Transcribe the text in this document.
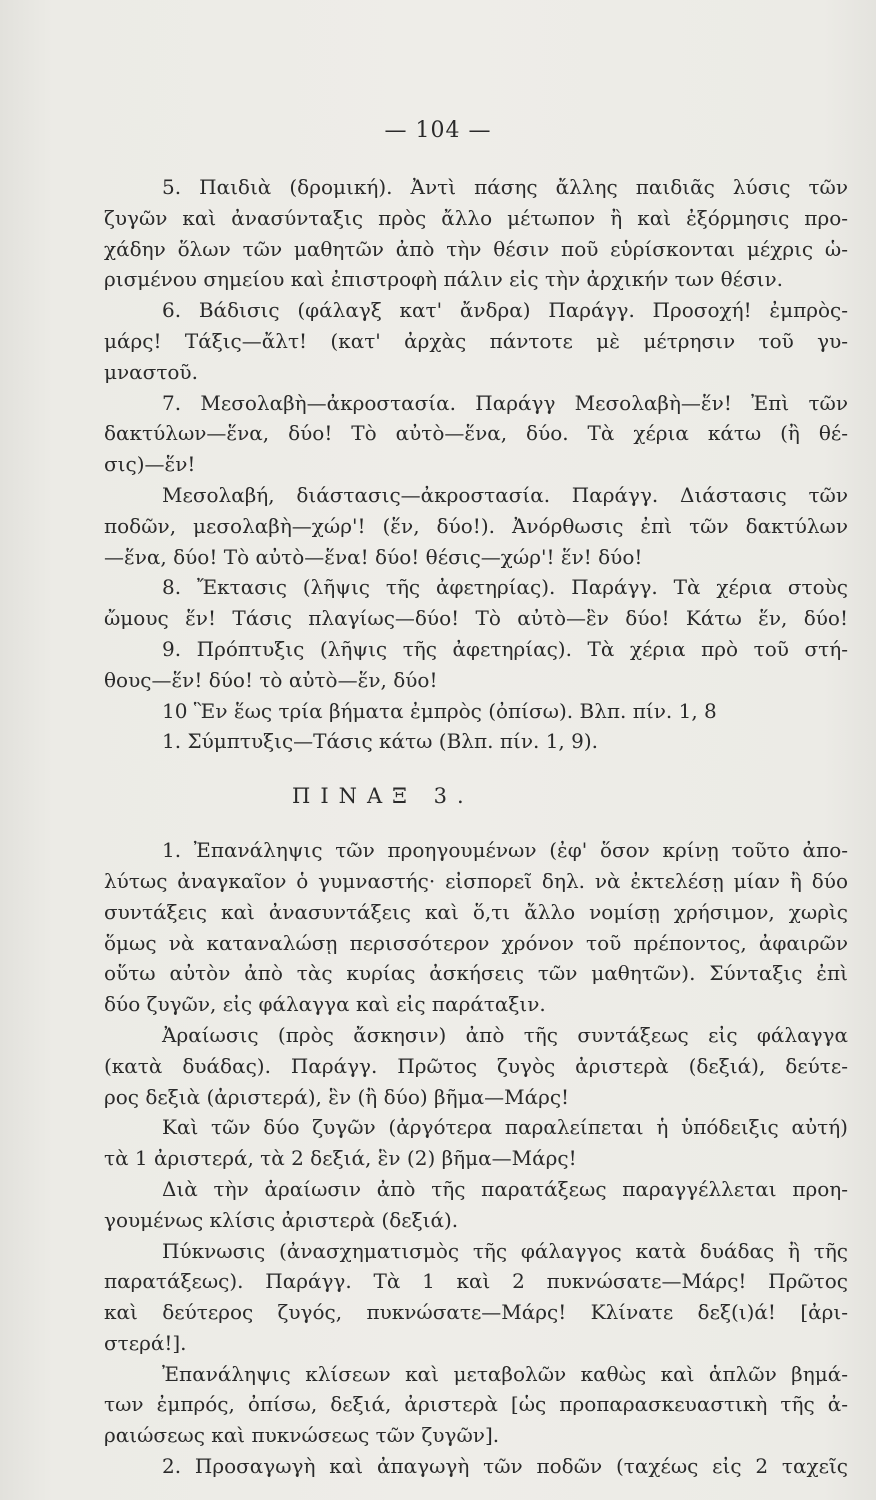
— 104 —
5. Παιδιὰ (δρομική). Ἀντὶ πάσης ἄλλης παιδιᾶς λύσις τῶν
ζυγῶν καὶ ἀνασύνταξις πρὸς ἄλλο μέτωπον ἢ καὶ ἐξόρμησις προ-
χάδην ὅλων τῶν μαθητῶν ἀπὸ τὴν θέσιν ποῦ εὑρίσκονται μέχρις ὡ-
ρισμένου σημείου καὶ ἐπιστροφὴ πάλιν εἰς τὴν ἀρχικήν των θέσιν.
6. Βάδισις (φάλαγξ κατ' ἄνδρα) Παράγγ. Προσοχή! ἐμπρὸς-
μάρς! Τάξις—ἄλτ! (κατ' ἀρχὰς πάντοτε μὲ μέτρησιν τοῦ γυ-
μναστοῦ.
7. Μεσολαβὴ—ἀκροστασία. Παράγγ Μεσολαβὴ—ἕν! Ἐπὶ τῶν
δακτύλων—ἕνα, δύο! Τὸ αὐτὸ—ἕνα, δύο. Τὰ χέρια κάτω (ἢ θέ-
σις)—ἕν!
Μεσολαβή, διάστασις—ἀκροστασία. Παράγγ. Διάστασις τῶν
ποδῶν, μεσολαβὴ—χώρ'! (ἕν, δύο!). Ἀνόρθωσις ἐπὶ τῶν δακτύλων
—ἕνα, δύο! Τὸ αὐτὸ—ἕνα! δύο! θέσις—χώρ'! ἕν! δύο!
8. Ἔκτασις (λῆψις τῆς ἀφετηρίας). Παράγγ. Τὰ χέρια στοὺς
ὤμους ἕν! Τάσις πλαγίως—δύο! Τὸ αὐτὸ—ἓν δύο! Κάτω ἕν, δύο!
9. Πρόπτυξις (λῆψις τῆς ἀφετηρίας). Τὰ χέρια πρὸ τοῦ στή-
θους—ἕν! δύο! τὸ αὐτὸ—ἕν, δύο!
10 Ἓν ἕως τρία βήματα ἐμπρὸς (ὀπίσω). Βλπ. πίν. 1, 8
1. Σύμπτυξις—Τάσις κάτω (Βλπ. πίν. 1, 9).
ΠΙΝΑΞ 3.
1. Ἐπανάληψις τῶν προηγουμένων (ἐφ' ὅσον κρίνῃ τοῦτο ἀπο-
λύτως ἀναγκαῖον ὁ γυμναστής· εἰσπορεῖ δηλ. νὰ ἐκτελέσῃ μίαν ἢ δύο
συντάξεις καὶ ἀνασυντάξεις καὶ ὅ,τι ἄλλο νομίσῃ χρήσιμον, χωρὶς
ὅμως νὰ καταναλώσῃ περισσότερον χρόνον τοῦ πρέποντος, ἀφαιρῶν
οὕτω αὐτὸν ἀπὸ τὰς κυρίας ἀσκήσεις τῶν μαθητῶν). Σύνταξις ἐπὶ
δύο ζυγῶν, εἰς φάλαγγα καὶ εἰς παράταξιν.
Ἀραίωσις (πρὸς ἄσκησιν) ἀπὸ τῆς συντάξεως εἰς φάλαγγα
(κατὰ δυάδας). Παράγγ. Πρῶτος ζυγὸς ἀριστερὰ (δεξιά), δεύτε-
ρος δεξιὰ (ἀριστερά), ἓν (ἢ δύο) βῆμα—Μάρς!
Καὶ τῶν δύο ζυγῶν (ἀργότερα παραλείπεται ἡ ὑπόδειξις αὐτή)
τὰ 1 ἀριστερά, τὰ 2 δεξιά, ἓν (2) βῆμα—Μάρς!
Διὰ τὴν ἀραίωσιν ἀπὸ τῆς παρατάξεως παραγγέλλεται προη-
γουμένως κλίσις ἀριστερὰ (δεξιά).
Πύκνωσις (ἀνασχηματισμὸς τῆς φάλαγγος κατὰ δυάδας ἢ τῆς
παρατάξεως). Παράγγ. Τὰ 1 καὶ 2 πυκνώσατε—Μάρς! Πρῶτος
καὶ δεύτερος ζυγός, πυκνώσατε—Μάρς! Κλίνατε δεξ(ι)ά! [ἀρι-
στερά!].
Ἐπανάληψις κλίσεων καὶ μεταβολῶν καθὼς καὶ ἁπλῶν βημά-
των ἐμπρός, ὀπίσω, δεξιά, ἀριστερὰ [ὡς προπαρασκευαστικὴ τῆς ἀ-
ραιώσεως καὶ πυκνώσεως τῶν ζυγῶν].
2. Προσαγωγὴ καὶ ἀπαγωγὴ τῶν ποδῶν (ταχέως εἰς 2 ταχεῖς
